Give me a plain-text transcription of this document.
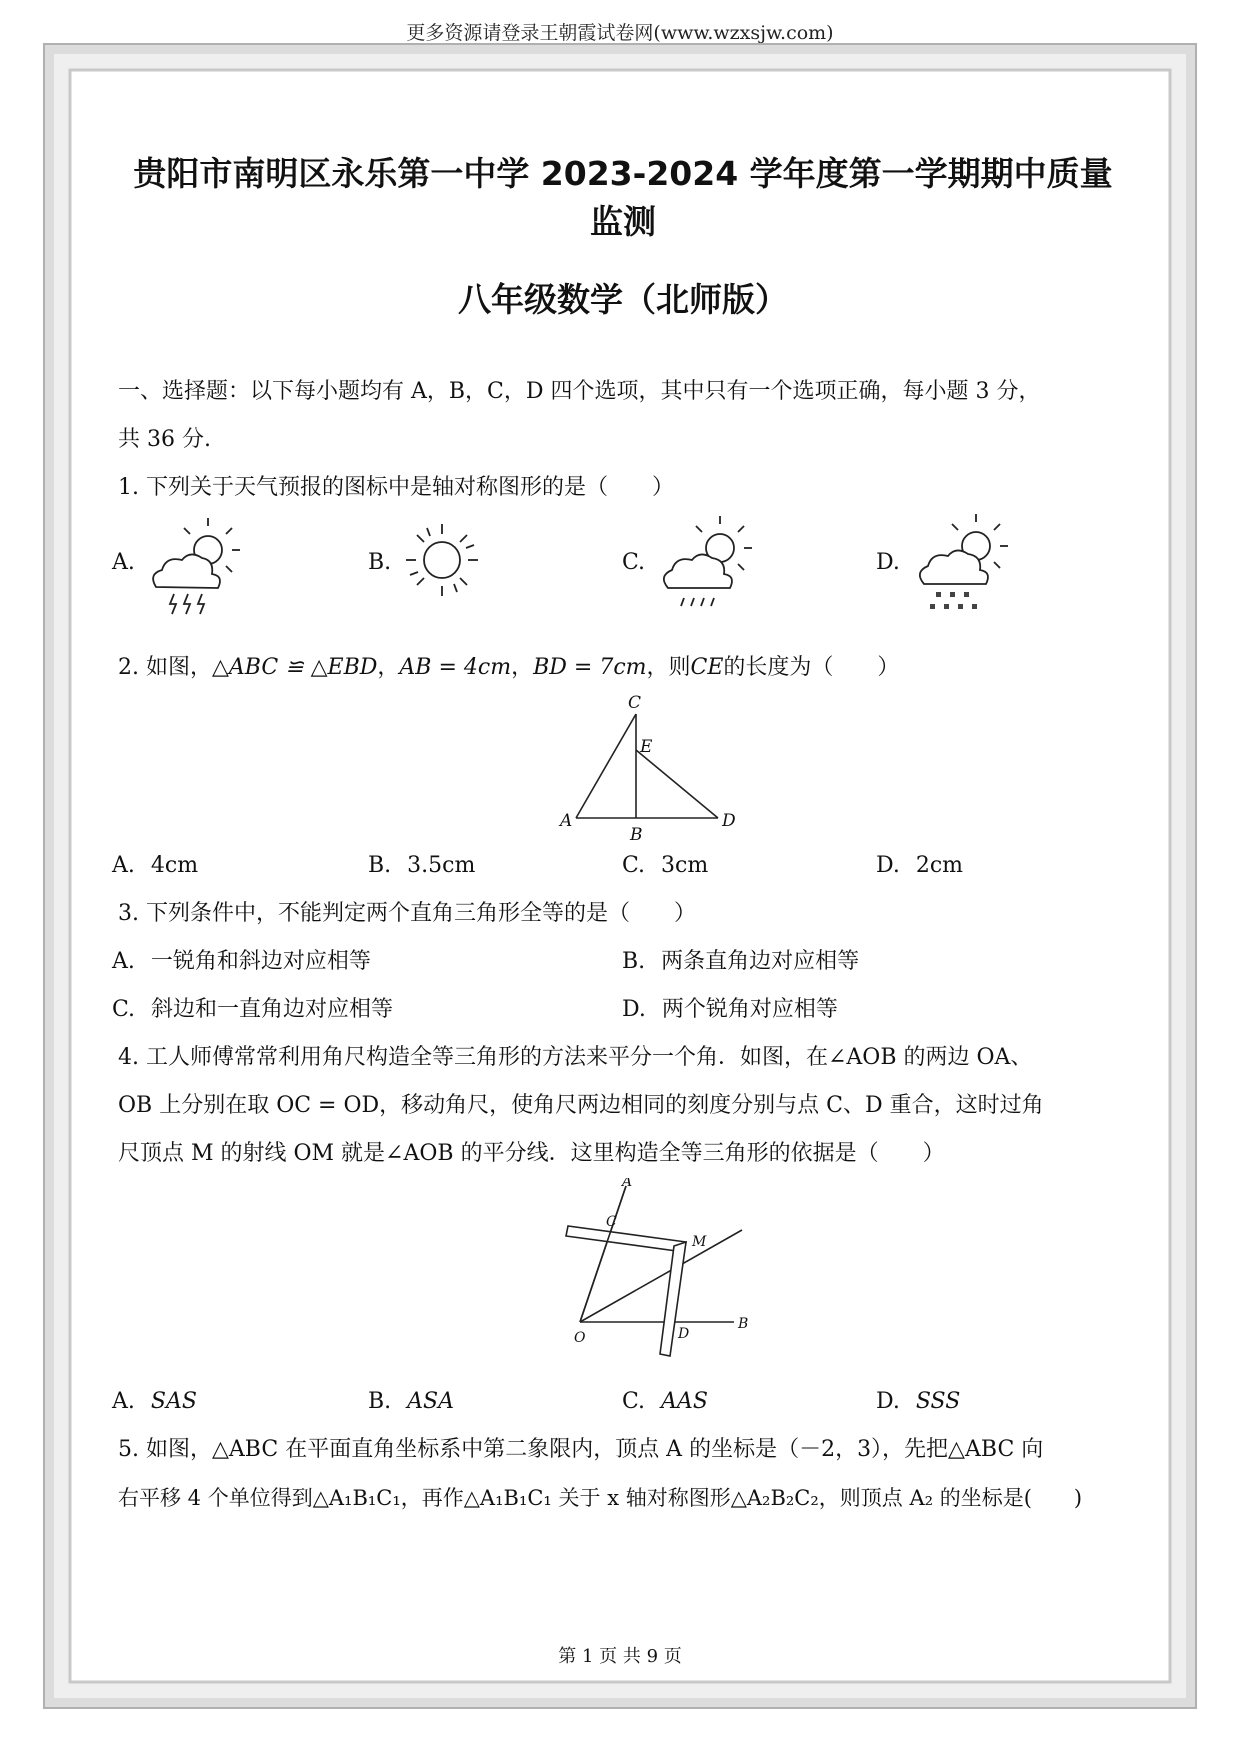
更多资源请登录王朝霞试卷网(www.wzxsjw.com)
贵阳市南明区永乐第一中学 2023-2024 学年度第一学期期中质量监测
八年级数学（北师版）
一、选择题：以下每小题均有 A，B，C，D 四个选项，其中只有一个选项正确，每小题 3 分，
共 36 分.
1. 下列关于天气预报的图标中是轴对称图形的是（　　）
A.	B.	C.	D.
2. 如图，△ABC ≌ △EBD，AB = 4cm，BD = 7cm，则CE的长度为（　　）
C
E
A
B
D
A. 4cm	B. 3.5cm	C. 3cm	D. 2cm
3. 下列条件中，不能判定两个直角三角形全等的是（　　）
A. 一锐角和斜边对应相等	B. 两条直角边对应相等
C. 斜边和一直角边对应相等	D. 两个锐角对应相等
4. 工人师傅常常利用角尺构造全等三角形的方法来平分一个角．如图，在∠AOB 的两边 OA、
OB 上分别在取 OC = OD，移动角尺，使角尺两边相同的刻度分别与点 C、D 重合，这时过角
尺顶点 M 的射线 OM 就是∠AOB 的平分线．这里构造全等三角形的依据是（　　）
A
C
M
O	D
B
A. SAS	B. ASA	C. AAS	D. SSS
5. 如图，△ABC 在平面直角坐标系中第二象限内，顶点 A 的坐标是（－2，3），先把△ABC 向
右平移 4 个单位得到△A₁B₁C₁，再作△A₁B₁C₁ 关于 x 轴对称图形△A₂B₂C₂，则顶点 A₂ 的坐标是(　　)
第 1 页 共 9 页
